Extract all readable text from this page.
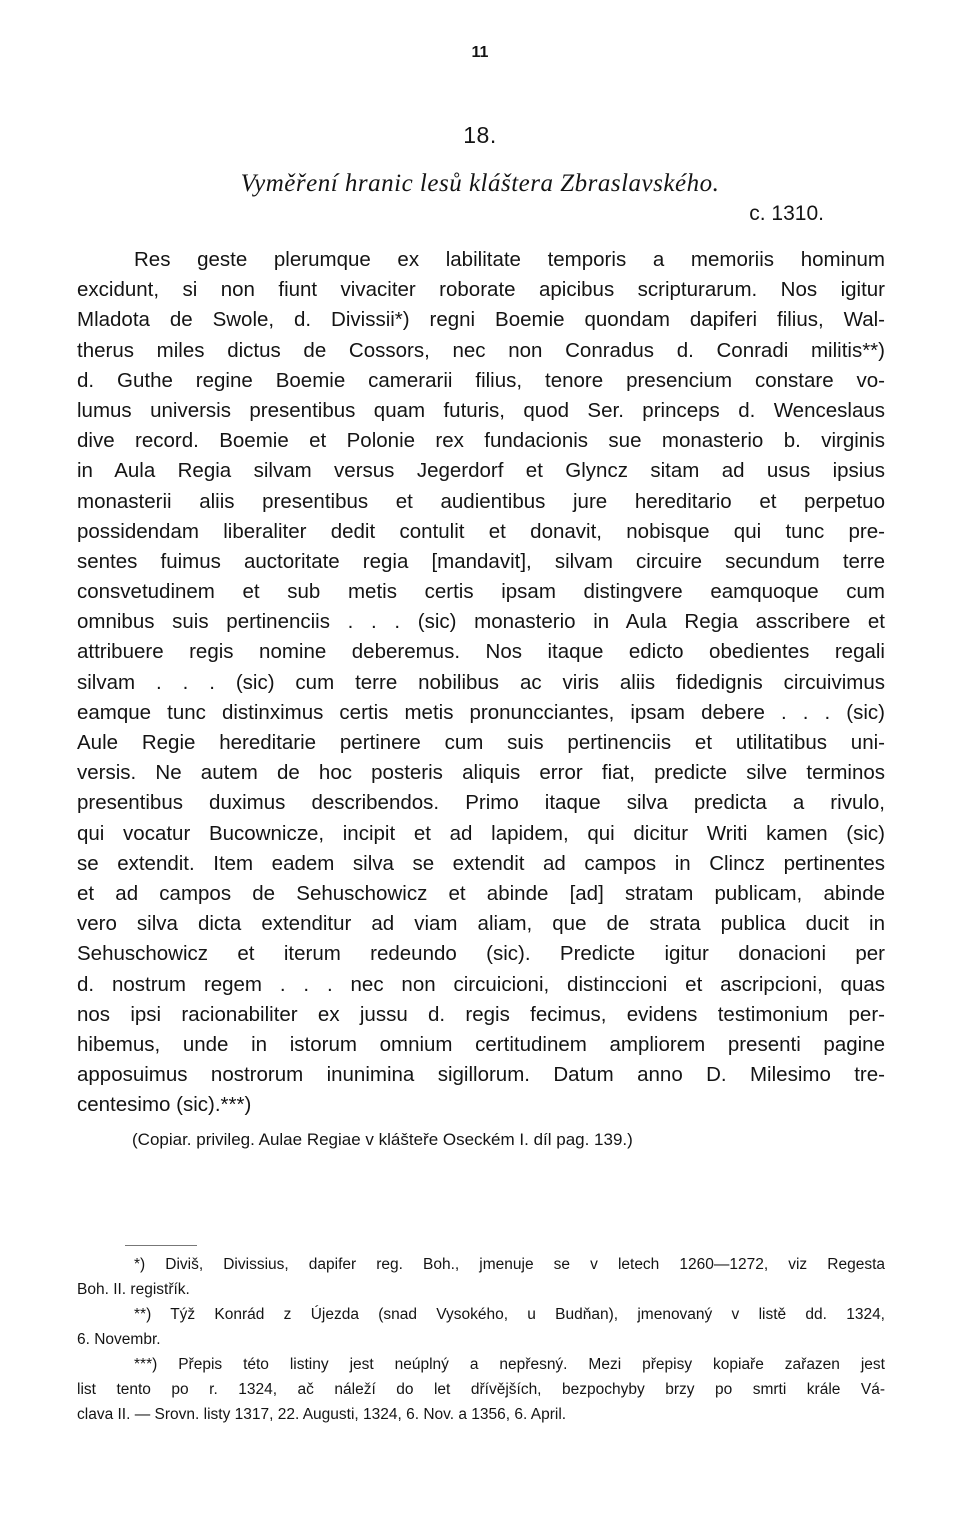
11
18.
Vyměření hranic lesů kláštera Zbraslavského.
c. 1310.
Res geste plerumque ex labilitate temporis a memoriis hominum
excidunt, si non fiunt vivaciter roborate apicibus scripturarum. Nos igitur
Mladota de Swole, d. Divissii*) regni Boemie quondam dapiferi filius, Wal-
therus miles dictus de Cossors, nec non Conradus d. Conradi militis**)
d. Guthe regine Boemie camerarii filius, tenore presencium constare vo-
lumus universis presentibus quam futuris, quod Ser. princeps d. Wenceslaus
dive record. Boemie et Polonie rex fundacionis sue monasterio b. virginis
in Aula Regia silvam versus Jegerdorf et Glyncz sitam ad usus ipsius
monasterii aliis presentibus et audientibus jure hereditario et perpetuo
possidendam liberaliter dedit contulit et donavit, nobisque qui tunc pre-
sentes fuimus auctoritate regia [mandavit], silvam circuire secundum terre
consvetudinem et sub metis certis ipsam distingvere eamquoque cum
omnibus suis pertinenciis . . . (sic) monasterio in Aula Regia asscribere et
attribuere regis nomine deberemus. Nos itaque edicto obedientes regali
silvam . . . (sic) cum terre nobilibus ac viris aliis fidedignis circuivimus
eamque tunc distinximus certis metis pronuncciantes, ipsam debere . . . (sic)
Aule Regie hereditarie pertinere cum suis pertinenciis et utilitatibus uni-
versis. Ne autem de hoc posteris aliquis error fiat, predicte silve terminos
presentibus duximus describendos. Primo itaque silva predicta a rivulo,
qui vocatur Bucownicze, incipit et ad lapidem, qui dicitur Writi kamen (sic)
se extendit. Item eadem silva se extendit ad campos in Clincz pertinentes
et ad campos de Sehuschowicz et abinde [ad] stratam publicam, abinde
vero silva dicta extenditur ad viam aliam, que de strata publica ducit in
Sehuschowicz et iterum redeundo (sic). Predicte igitur donacioni per
d. nostrum regem . . . nec non circuicioni, distinccioni et ascripcioni, quas
nos ipsi racionabiliter ex jussu d. regis fecimus, evidens testimonium per-
hibemus, unde in istorum omnium certitudinem ampliorem presenti pagine
apposuimus nostrorum inunimina sigillorum. Datum anno D. Milesimo tre-
centesimo (sic).***)
(Copiar. privileg. Aulae Regiae v klášteře Oseckém I. díl pag. 139.)
*) Diviš, Divissius, dapifer reg. Boh., jmenuje se v letech 1260—1272, viz Regesta
Boh. II. registřík.
**) Týž Konrád z Újezda (snad Vysokého, u Budňan), jmenovaný v listě dd. 1324,
6. Novembr.
***) Přepis této listiny jest neúplný a nepřesný. Mezi přepisy kopiaře zařazen jest
list tento po r. 1324, ač náleží do let dřívějších, bezpochyby brzy po smrti krále Vá-
clava II. — Srovn. listy 1317, 22. Augusti, 1324, 6. Nov. a 1356, 6. April.
